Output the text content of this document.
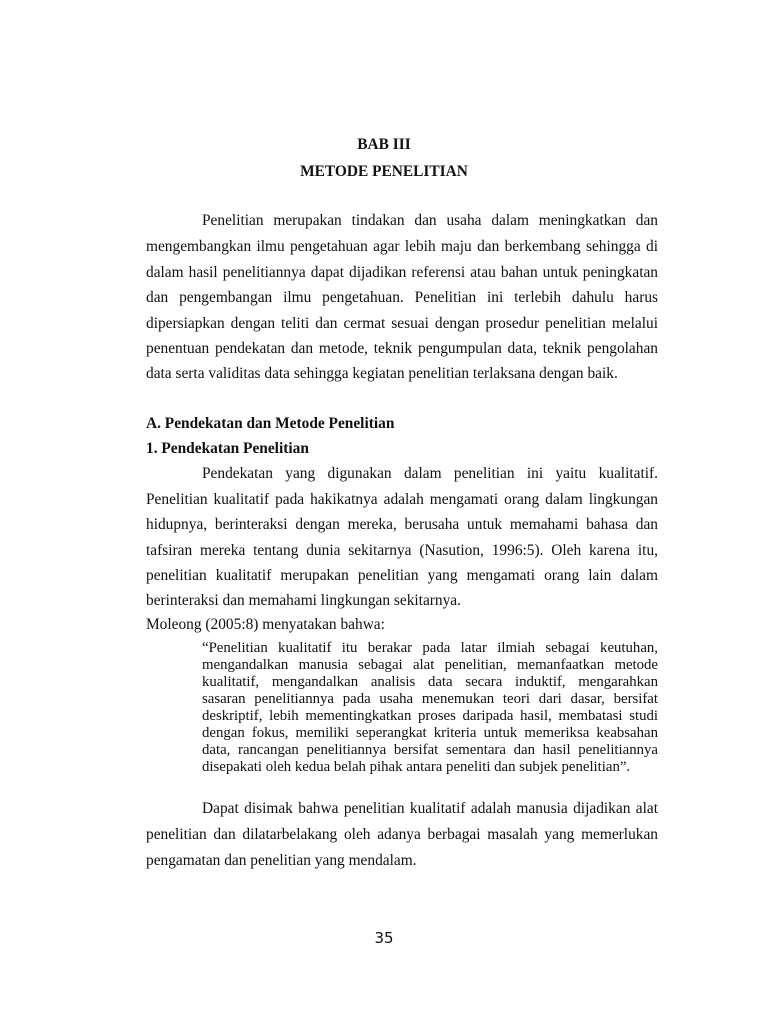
BAB III
METODE PENELITIAN
Penelitian merupakan tindakan dan usaha dalam meningkatkan dan
mengembangkan ilmu pengetahuan agar lebih maju dan berkembang sehingga di
dalam hasil penelitiannya dapat dijadikan referensi atau bahan untuk peningkatan
dan pengembangan ilmu pengetahuan. Penelitian ini terlebih dahulu harus
dipersiapkan dengan teliti dan cermat sesuai dengan prosedur penelitian melalui
penentuan pendekatan dan metode, teknik pengumpulan data, teknik pengolahan
data serta validitas data sehingga kegiatan penelitian terlaksana dengan baik.
A. Pendekatan dan Metode Penelitian
1. Pendekatan Penelitian
Pendekatan yang digunakan dalam penelitian ini yaitu kualitatif.
Penelitian kualitatif pada hakikatnya adalah mengamati orang dalam lingkungan
hidupnya, berinteraksi dengan mereka, berusaha untuk memahami bahasa dan
tafsiran mereka tentang dunia sekitarnya (Nasution, 1996:5). Oleh karena itu,
penelitian kualitatif merupakan penelitian yang mengamati orang lain dalam
berinteraksi dan memahami lingkungan sekitarnya.
Moleong (2005:8) menyatakan bahwa:
“Penelitian kualitatif itu berakar pada latar ilmiah sebagai keutuhan,
mengandalkan manusia sebagai alat penelitian, memanfaatkan metode
kualitatif, mengandalkan analisis data secara induktif, mengarahkan
sasaran penelitiannya pada usaha menemukan teori dari dasar, bersifat
deskriptif, lebih mementingkatkan proses daripada hasil, membatasi studi
dengan fokus, memiliki seperangkat kriteria untuk memeriksa keabsahan
data, rancangan penelitiannya bersifat sementara dan hasil penelitiannya
disepakati oleh kedua belah pihak antara peneliti dan subjek penelitian”.
Dapat disimak bahwa penelitian kualitatif adalah manusia dijadikan alat
penelitian dan dilatarbelakang oleh adanya berbagai masalah yang memerlukan
pengamatan dan penelitian yang mendalam.
35
